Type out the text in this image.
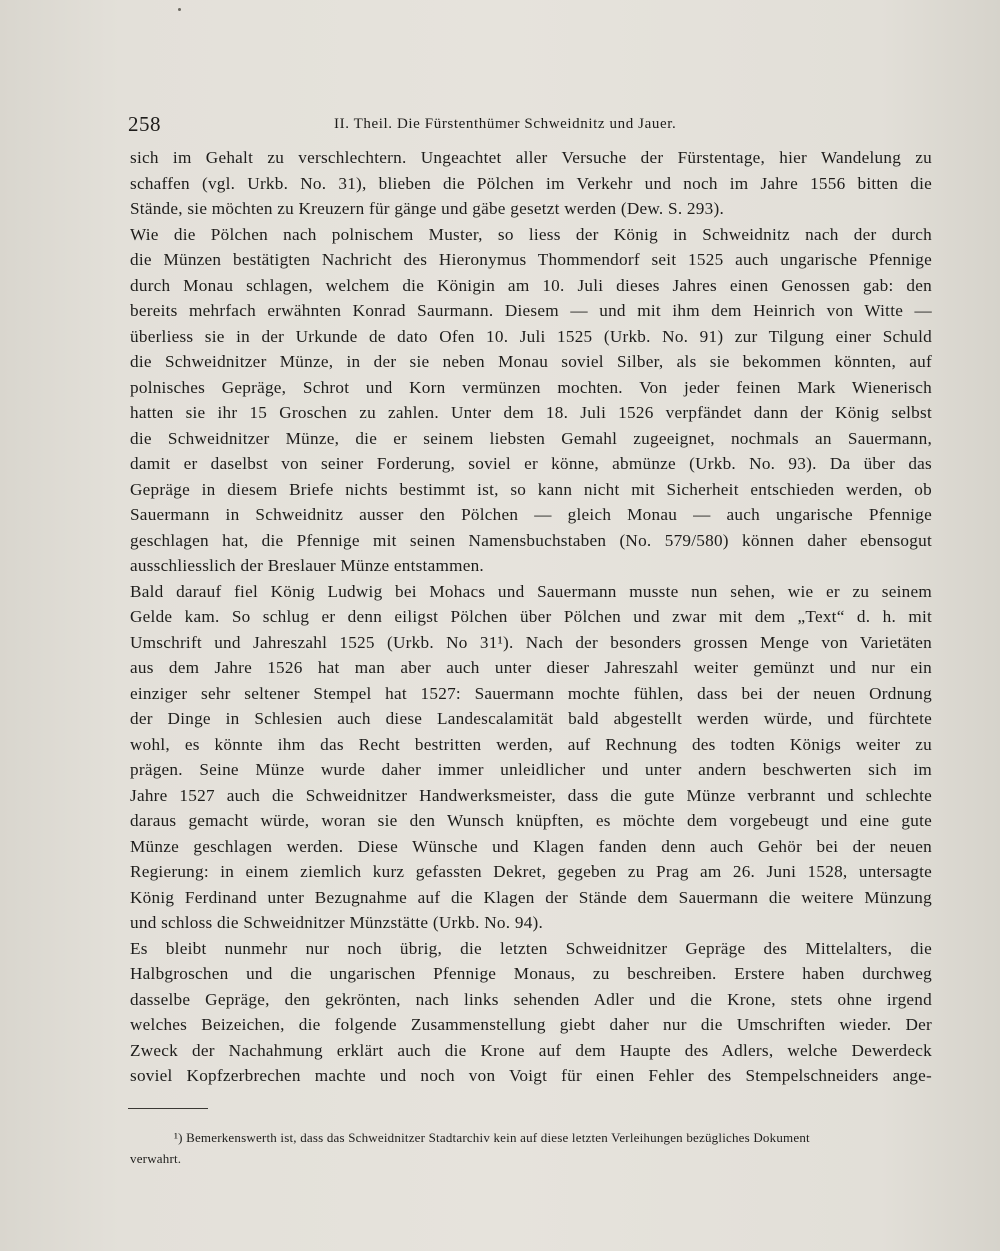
258	II. Theil. Die Fürstenthümer Schweidnitz und Jauer.
sich im Gehalt zu verschlechtern. Ungeachtet aller Versuche der Fürstentage, hier Wandelung zu
schaffen (vgl. Urkb. No. 31), blieben die Pölchen im Verkehr und noch im Jahre 1556 bitten die
Stände, sie möchten zu Kreuzern für gänge und gäbe gesetzt werden (Dew. S. 293).
Wie die Pölchen nach polnischem Muster, so liess der König in Schweidnitz nach der durch
die Münzen bestätigten Nachricht des Hieronymus Thommendorf seit 1525 auch ungarische Pfennige
durch Monau schlagen, welchem die Königin am 10. Juli dieses Jahres einen Genossen gab: den
bereits mehrfach erwähnten Konrad Saurmann. Diesem — und mit ihm dem Heinrich von Witte —
überliess sie in der Urkunde de dato Ofen 10. Juli 1525 (Urkb. No. 91) zur Tilgung einer Schuld
die Schweidnitzer Münze, in der sie neben Monau soviel Silber, als sie bekommen könnten, auf
polnisches Gepräge, Schrot und Korn vermünzen mochten. Von jeder feinen Mark Wienerisch
hatten sie ihr 15 Groschen zu zahlen. Unter dem 18. Juli 1526 verpfändet dann der König selbst
die Schweidnitzer Münze, die er seinem liebsten Gemahl zugeeignet, nochmals an Sauermann,
damit er daselbst von seiner Forderung, soviel er könne, abmünze (Urkb. No. 93). Da über das
Gepräge in diesem Briefe nichts bestimmt ist, so kann nicht mit Sicherheit entschieden werden, ob
Sauermann in Schweidnitz ausser den Pölchen — gleich Monau — auch ungarische Pfennige
geschlagen hat, die Pfennige mit seinen Namensbuchstaben (No. 579/580) können daher ebensogut
ausschliesslich der Breslauer Münze entstammen.
Bald darauf fiel König Ludwig bei Mohacs und Sauermann musste nun sehen, wie er zu seinem
Gelde kam. So schlug er denn eiligst Pölchen über Pölchen und zwar mit dem „Text“ d. h. mit
Umschrift und Jahreszahl 1525 (Urkb. No 31¹). Nach der besonders grossen Menge von Varietäten
aus dem Jahre 1526 hat man aber auch unter dieser Jahreszahl weiter gemünzt und nur ein
einziger sehr seltener Stempel hat 1527: Sauermann mochte fühlen, dass bei der neuen Ordnung
der Dinge in Schlesien auch diese Landescalamität bald abgestellt werden würde, und fürchtete
wohl, es könnte ihm das Recht bestritten werden, auf Rechnung des todten Königs weiter zu
prägen. Seine Münze wurde daher immer unleidlicher und unter andern beschwerten sich im
Jahre 1527 auch die Schweidnitzer Handwerksmeister, dass die gute Münze verbrannt und schlechte
daraus gemacht würde, woran sie den Wunsch knüpften, es möchte dem vorgebeugt und eine gute
Münze geschlagen werden. Diese Wünsche und Klagen fanden denn auch Gehör bei der neuen
Regierung: in einem ziemlich kurz gefassten Dekret, gegeben zu Prag am 26. Juni 1528, untersagte
König Ferdinand unter Bezugnahme auf die Klagen der Stände dem Sauermann die weitere Münzung
und schloss die Schweidnitzer Münzstätte (Urkb. No. 94).
Es bleibt nunmehr nur noch übrig, die letzten Schweidnitzer Gepräge des Mittelalters, die
Halbgroschen und die ungarischen Pfennige Monaus, zu beschreiben. Erstere haben durchweg
dasselbe Gepräge, den gekrönten, nach links sehenden Adler und die Krone, stets ohne irgend
welches Beizeichen, die folgende Zusammenstellung giebt daher nur die Umschriften wieder. Der
Zweck der Nachahmung erklärt auch die Krone auf dem Haupte des Adlers, welche Dewerdeck
soviel Kopfzerbrechen machte und noch von Voigt für einen Fehler des Stempelschneiders ange-
¹) Bemerkenswerth ist, dass das Schweidnitzer Stadtarchiv kein auf diese letzten Verleihungen bezügliches Dokument
verwahrt.
